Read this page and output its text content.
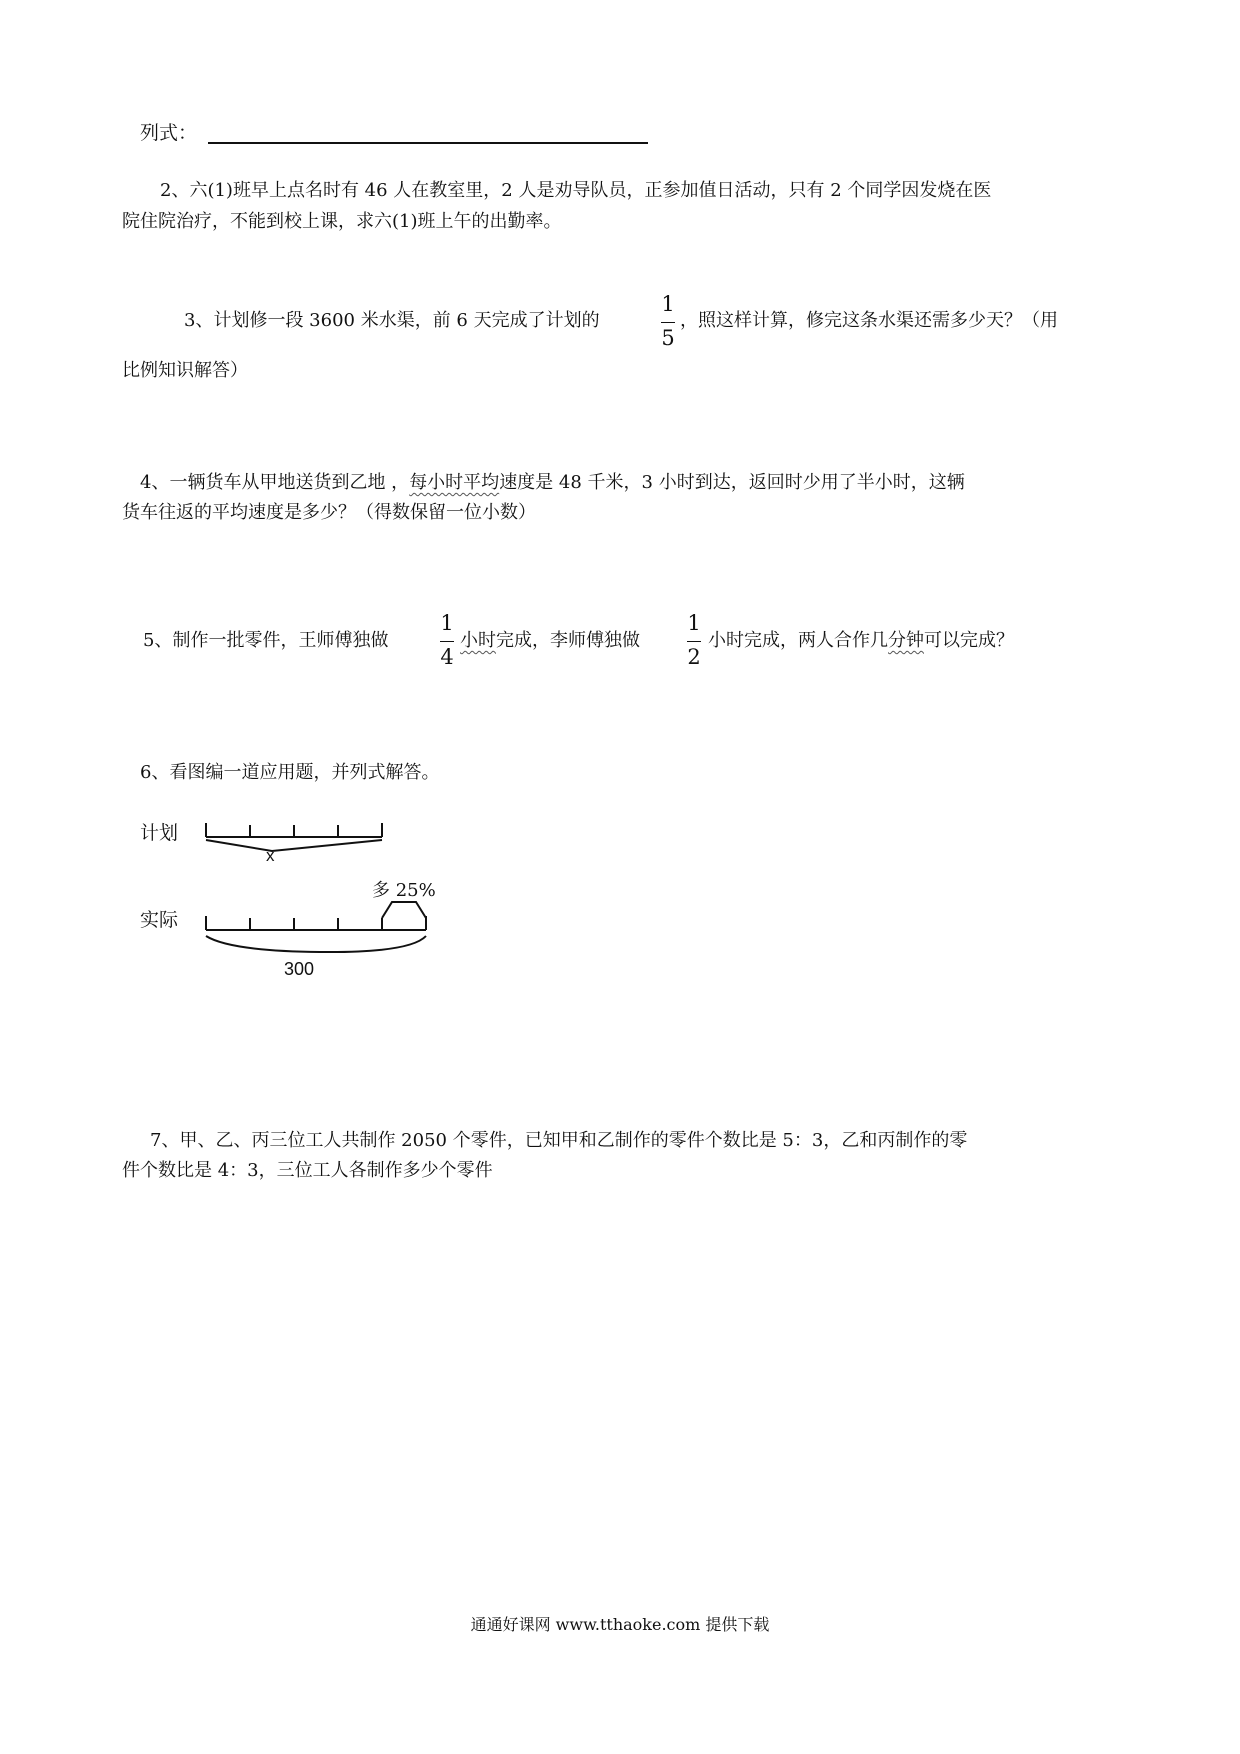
列式：
2、六(1)班早上点名时有 46 人在教室里，2 人是劝导队员，正参加值日活动，只有 2 个同学因发烧在医
院住院治疗，不能到校上课，求六(1)班上午的出勤率。
3、计划修一段 3600 米水渠，前 6 天完成了计划的
1
5
，照这样计算，修完这条水渠还需多少天？（用
比例知识解答）
4、一辆货车从甲地送货到乙地 ，每小时平均速度是 48 千米，3 小时到达，返回时少用了半小时，这辆
货车往返的平均速度是多少？（得数保留一位小数）
5、制作一批零件，王师傅独做
1
4
小时完成，李师傅独做
1
2
小时完成，两人合作几分钟可以完成？
6、看图编一道应用题，并列式解答。
计划
实际
x
多 25%
300
7、甲、乙、丙三位工人共制作 2050 个零件，已知甲和乙制作的零件个数比是 5：3，乙和丙制作的零
件个数比是 4：3，三位工人各制作多少个零件
通通好课网 www.tthaoke.com 提供下载
